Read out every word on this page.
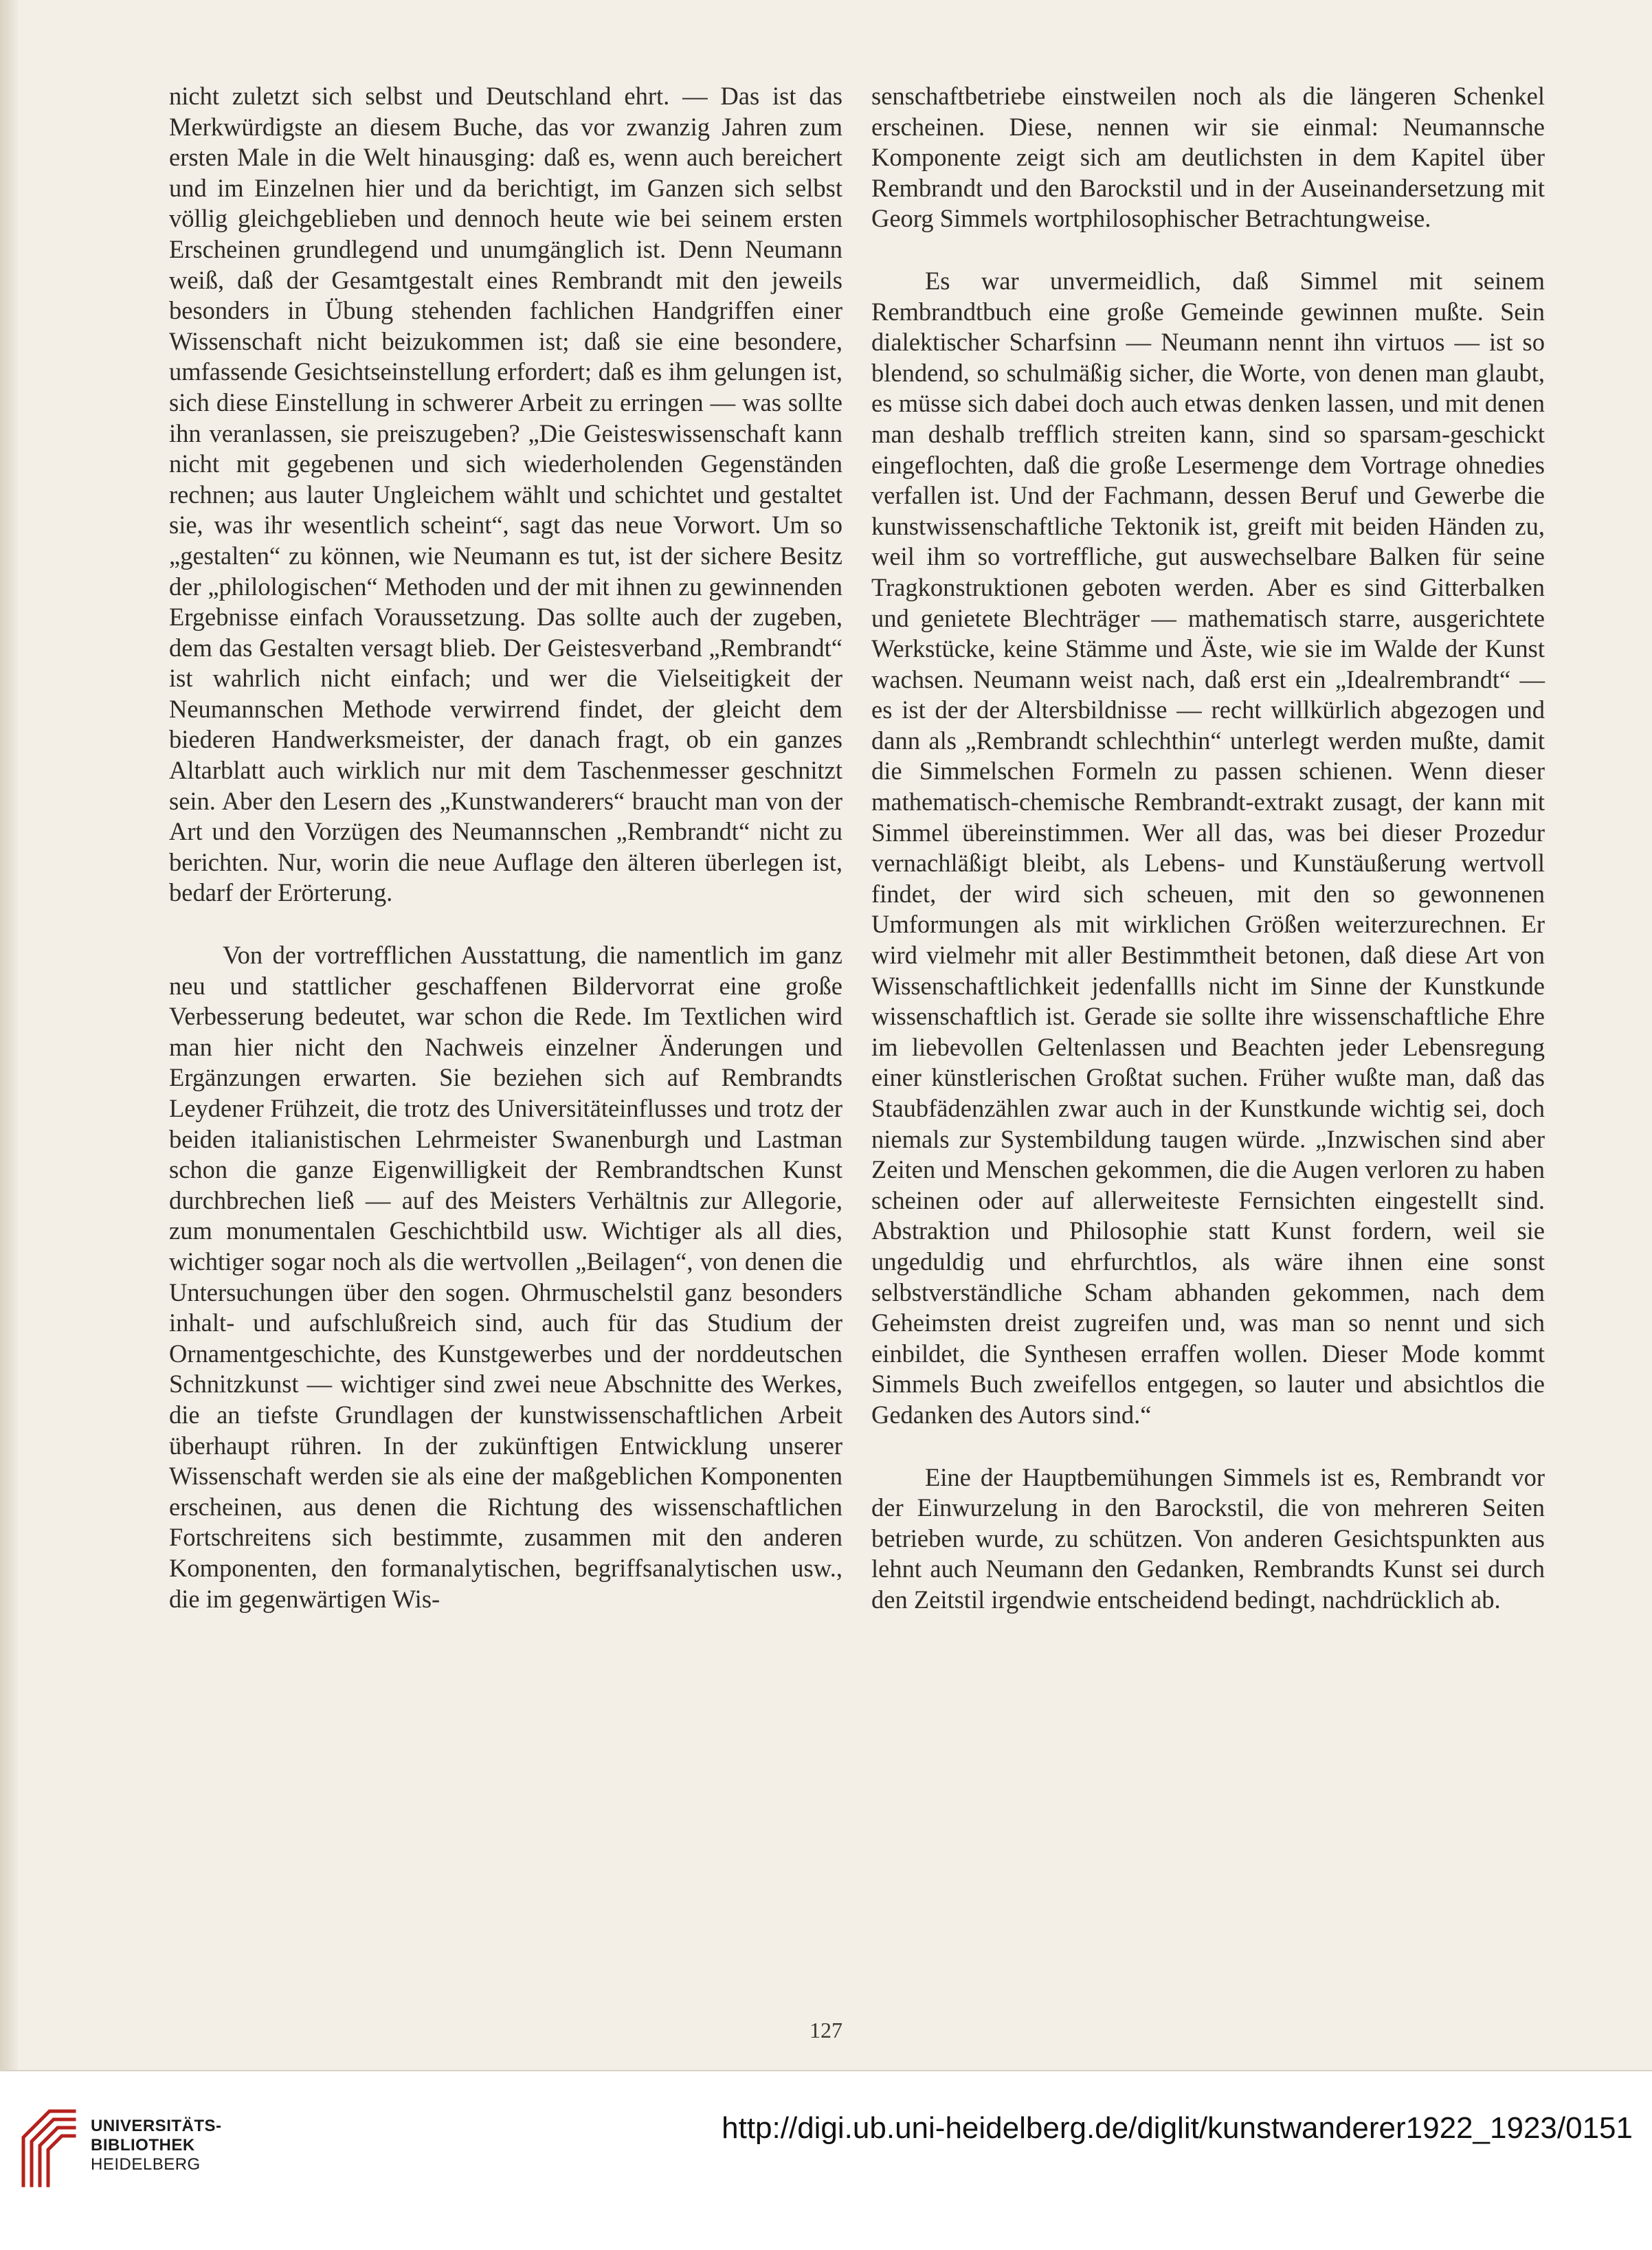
nicht zuletzt sich selbst und Deutschland ehrt. — Das ist das Merkwürdigste an diesem Buche, das vor zwanzig Jahren zum ersten Male in die Welt hinausging: daß es, wenn auch bereichert und im Einzelnen hier und da berichtigt, im Ganzen sich selbst völlig gleichgeblieben und dennoch heute wie bei seinem ersten Erscheinen grundlegend und unumgänglich ist. Denn Neumann weiß, daß der Gesamtgestalt eines Rembrandt mit den jeweils besonders in Übung stehenden fachlichen Handgriffen einer Wissenschaft nicht beizukommen ist; daß sie eine besondere, umfassende Gesichtseinstellung erfordert; daß es ihm gelungen ist, sich diese Einstellung in schwerer Arbeit zu erringen — was sollte ihn veranlassen, sie preiszugeben? „Die Geisteswissenschaft kann nicht mit gegebenen und sich wiederholenden Gegenständen rechnen; aus lauter Ungleichem wählt und schichtet und gestaltet sie, was ihr wesentlich scheint“, sagt das neue Vorwort. Um so „gestalten“ zu können, wie Neumann es tut, ist der sichere Besitz der „philologischen“ Methoden und der mit ihnen zu gewinnenden Ergebnisse einfach Voraussetzung. Das sollte auch der zugeben, dem das Gestalten versagt blieb. Der Geistesverband „Rembrandt“ ist wahrlich nicht einfach; und wer die Vielseitigkeit der Neumannschen Methode verwirrend findet, der gleicht dem biederen Handwerksmeister, der danach fragt, ob ein ganzes Altarblatt auch wirklich nur mit dem Taschenmesser geschnitzt sein. Aber den Lesern des „Kunstwanderers“ braucht man von der Art und den Vorzügen des Neumannschen „Rembrandt“ nicht zu berichten. Nur, worin die neue Auflage den älteren überlegen ist, bedarf der Erörterung.

Von der vortrefflichen Ausstattung, die namentlich im ganz neu und stattlicher geschaffenen Bildervorrat eine große Verbesserung bedeutet, war schon die Rede. Im Textlichen wird man hier nicht den Nachweis einzelner Änderungen und Ergänzungen erwarten. Sie beziehen sich auf Rembrandts Leydener Frühzeit, die trotz des Universitäteinflusses und trotz der beiden italianistischen Lehrmeister Swanenburgh und Lastman schon die ganze Eigenwilligkeit der Rembrandtschen Kunst durchbrechen ließ — auf des Meisters Verhältnis zur Allegorie, zum monumentalen Geschichtbild usw. Wichtiger als all dies, wichtiger sogar noch als die wertvollen „Beilagen“, von denen die Untersuchungen über den sogen. Ohrmuschelstil ganz besonders inhalt- und aufschlußreich sind, auch für das Studium der Ornamentgeschichte, des Kunstgewerbes und der norddeutschen Schnitzkunst — wichtiger sind zwei neue Abschnitte des Werkes, die an tiefste Grundlagen der kunstwissenschaftlichen Arbeit überhaupt rühren. In der zukünftigen Entwicklung unserer Wissenschaft werden sie als eine der maßgeblichen Komponenten erscheinen, aus denen die Richtung des wissenschaftlichen Fortschreitens sich bestimmte, zusammen mit den anderen Komponenten, den formanalytischen, begriffsanalytischen usw., die im gegenwärtigen Wis-

senschaftbetriebe einstweilen noch als die längeren Schenkel erscheinen. Diese, nennen wir sie einmal: Neumannsche Komponente zeigt sich am deutlichsten in dem Kapitel über Rembrandt und den Barockstil und in der Auseinandersetzung mit Georg Simmels wortphilosophischer Betrachtungweise.

Es war unvermeidlich, daß Simmel mit seinem Rembrandtbuch eine große Gemeinde gewinnen mußte. Sein dialektischer Scharfsinn — Neumann nennt ihn virtuos — ist so blendend, so schulmäßig sicher, die Worte, von denen man glaubt, es müsse sich dabei doch auch etwas denken lassen, und mit denen man deshalb trefflich streiten kann, sind so sparsam-geschickt eingeflochten, daß die große Lesermenge dem Vortrage ohnedies verfallen ist. Und der Fachmann, dessen Beruf und Gewerbe die kunstwissenschaftliche Tektonik ist, greift mit beiden Händen zu, weil ihm so vortreffliche, gut auswechselbare Balken für seine Tragkonstruktionen geboten werden. Aber es sind Gitterbalken und genietete Blechträger — mathematisch starre, ausgerichtete Werkstücke, keine Stämme und Äste, wie sie im Walde der Kunst wachsen. Neumann weist nach, daß erst ein „Idealrembrandt“ — es ist der der Altersbildnisse — recht willkürlich abgezogen und dann als „Rembrandt schlechthin“ unterlegt werden mußte, damit die Simmelschen Formeln zu passen schienen. Wenn dieser mathematisch-chemische Rembrandt-extrakt zusagt, der kann mit Simmel übereinstimmen. Wer all das, was bei dieser Prozedur vernachläßigt bleibt, als Lebens- und Kunstäußerung wertvoll findet, der wird sich scheuen, mit den so gewonnenen Umformungen als mit wirklichen Größen weiterzurechnen. Er wird vielmehr mit aller Bestimmtheit betonen, daß diese Art von Wissenschaftlichkeit jedenfallls nicht im Sinne der Kunstkunde wissenschaftlich ist. Gerade sie sollte ihre wissenschaftliche Ehre im liebevollen Geltenlassen und Beachten jeder Lebensregung einer künstlerischen Großtat suchen. Früher wußte man, daß das Staubfädenzählen zwar auch in der Kunstkunde wichtig sei, doch niemals zur Systembildung taugen würde. „Inzwischen sind aber Zeiten und Menschen gekommen, die die Augen verloren zu haben scheinen oder auf allerweiteste Fernsichten eingestellt sind. Abstraktion und Philosophie statt Kunst fordern, weil sie ungeduldig und ehrfurchtlos, als wäre ihnen eine sonst selbstverständliche Scham abhanden gekommen, nach dem Geheimsten dreist zugreifen und, was man so nennt und sich einbildet, die Synthesen erraffen wollen. Dieser Mode kommt Simmels Buch zweifellos entgegen, so lauter und absichtlos die Gedanken des Autors sind.“

Eine der Hauptbemühungen Simmels ist es, Rembrandt vor der Einwurzelung in den Barockstil, die von mehreren Seiten betrieben wurde, zu schützen. Von anderen Gesichtspunkten aus lehnt auch Neumann den Gedanken, Rembrandts Kunst sei durch den Zeitstil irgendwie entscheidend bedingt, nachdrücklich ab.

127
UNIVERSITÄTS-
BIBLIOTHEK
HEIDELBERG
http://digi.ub.uni-heidelberg.de/diglit/kunstwanderer1922_1923/0151
